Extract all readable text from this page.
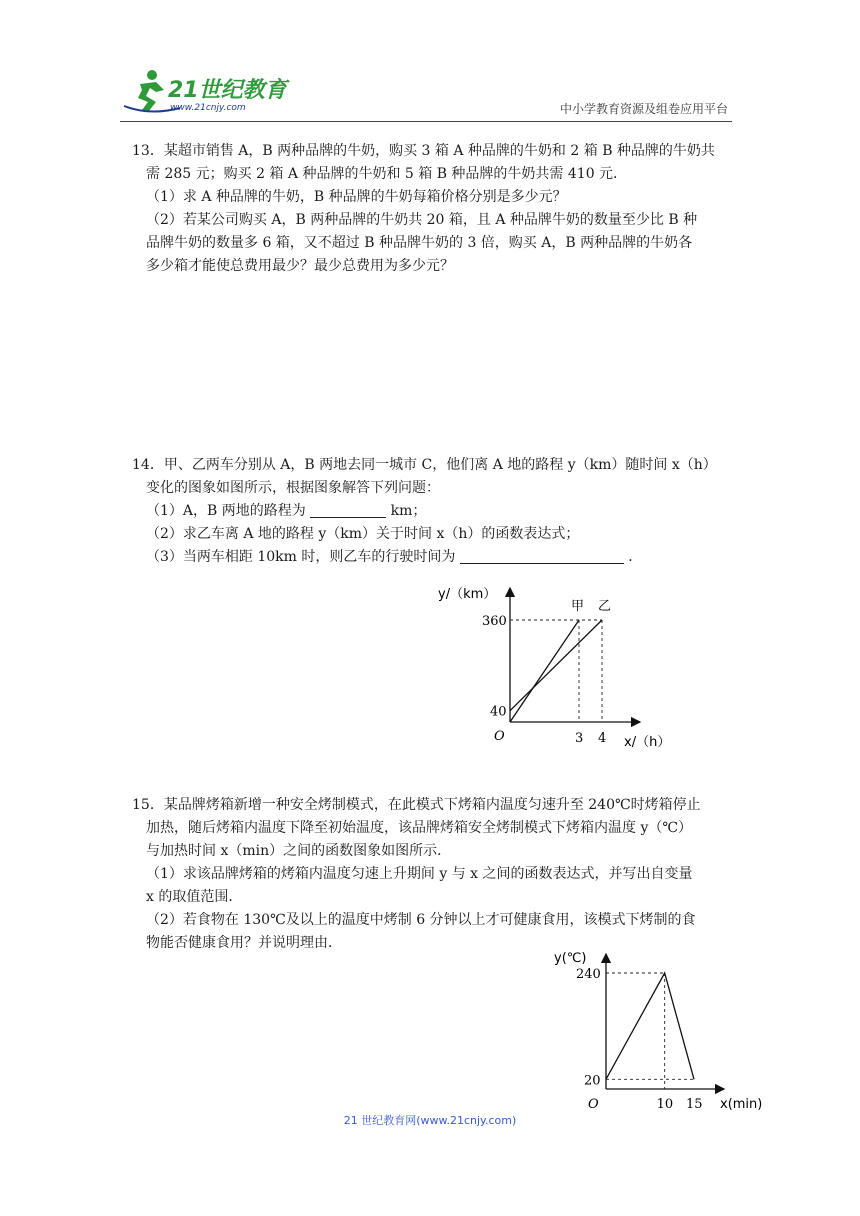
21世纪教育
www.21cnjy.com	中小学教育资源及组卷应用平台

13．某超市销售 A，B 两种品牌的牛奶，购买 3 箱 A 种品牌的牛奶和 2 箱 B 种品牌的牛奶共

需 285 元；购买 2 箱 A 种品牌的牛奶和 5 箱 B 种品牌的牛奶共需 410 元．

（1）求 A 种品牌的牛奶，B 种品牌的牛奶每箱价格分别是多少元？

（2）若某公司购买 A，B 两种品牌的牛奶共 20 箱，且 A 种品牌牛奶的数量至少比 B 种

品牌牛奶的数量多 6 箱，又不超过 B 种品牌牛奶的 3 倍，购买 A，B 两种品牌的牛奶各

多少箱才能使总费用最少？最少总费用为多少元？

14．甲、乙两车分别从 A，B 两地去同一城市 C，他们离 A 地的路程 y（km）随时间 x（h）

变化的图象如图所示，根据图象解答下列问题：

（1）A，B 两地的路程为	km；

（2）求乙车离 A 地的路程 y（km）关于时间 x（h）的函数表达式；

（3）当两车相距 10km 时，则乙车的行驶时间为	．

y/（km）
x/（h）
O
360
40
3 4
甲 乙

15．某品牌烤箱新增一种安全烤制模式，在此模式下烤箱内温度匀速升至 240℃时烤箱停止

加热，随后烤箱内温度下降至初始温度，该品牌烤箱安全烤制模式下烤箱内温度 y（℃）

与加热时间 x（min）之间的函数图象如图所示．

（1）求该品牌烤箱的烤箱内温度匀速上升期间 y 与 x 之间的函数表达式，并写出自变量

x 的取值范围．

（2）若食物在 130℃及以上的温度中烤制 6 分钟以上才可健康食用，该模式下烤制的食

物能否健康食用？并说明理由．

y(℃)
x(min)
O
240
20
10 15
21 世纪教育网(www.21cnjy.com)
